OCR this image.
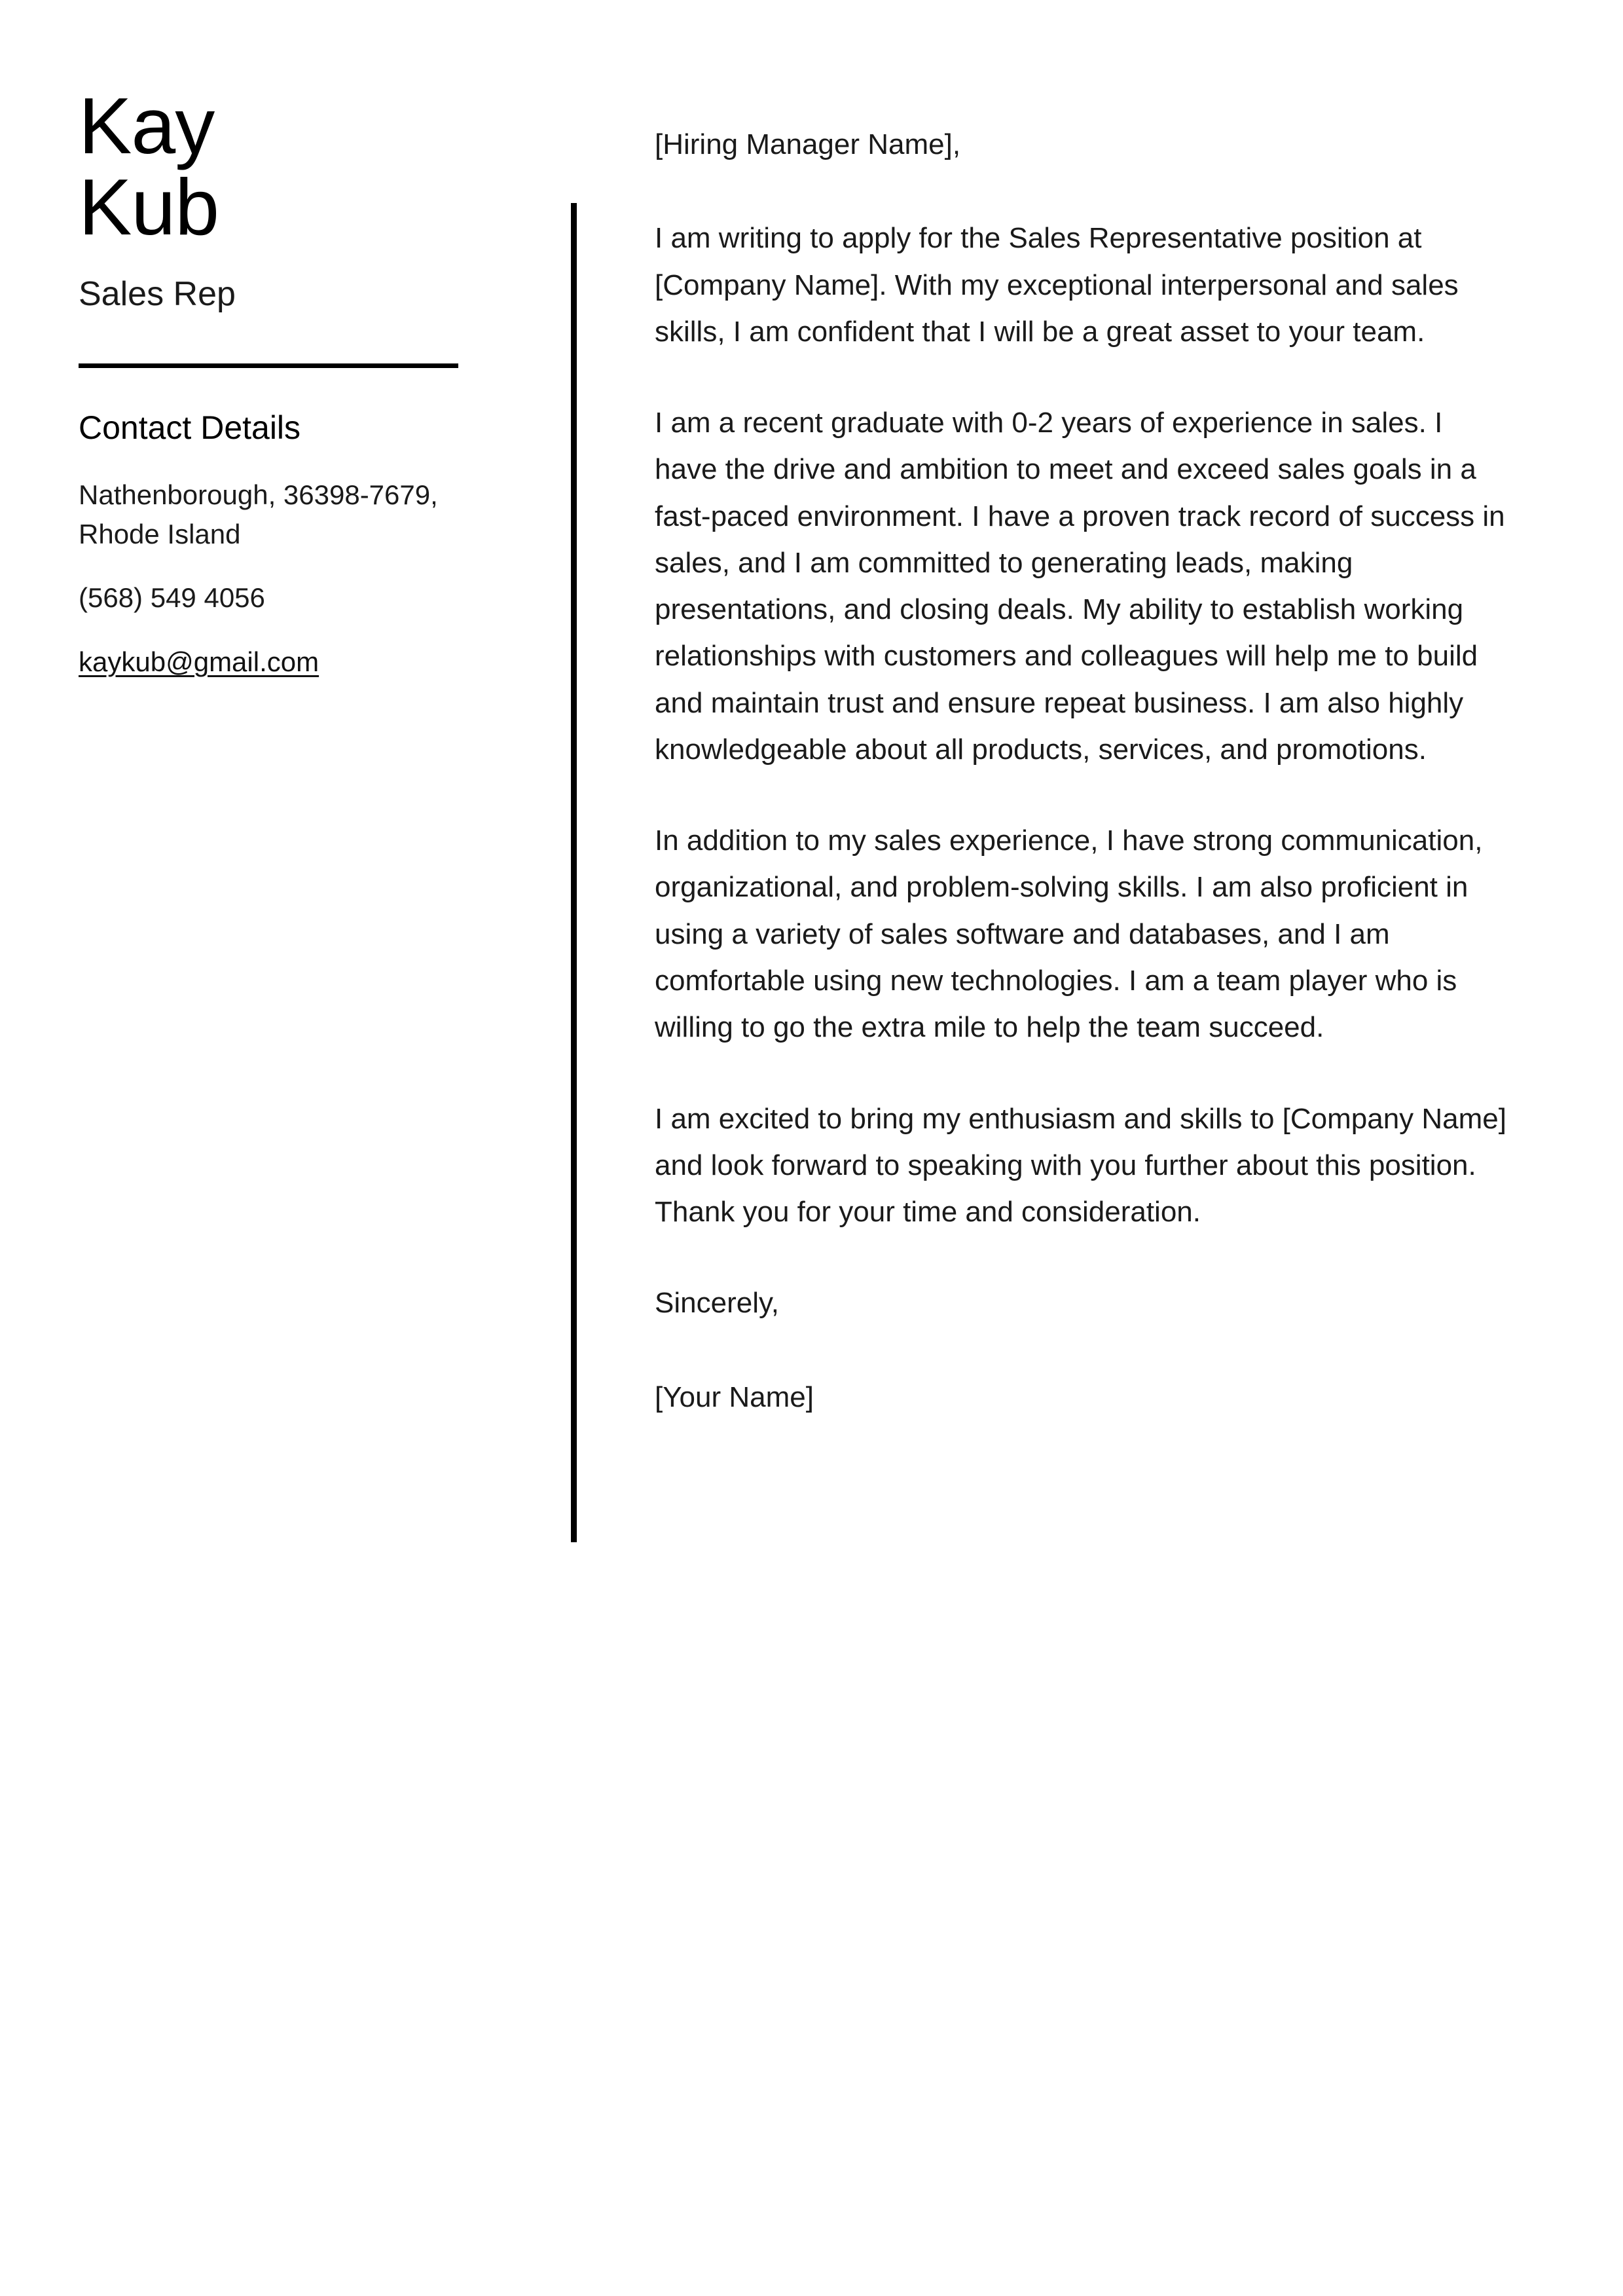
Kay
Kub
Sales Rep
Contact Details
Nathenborough, 36398-7679, Rhode Island
(568) 549 4056
kaykub@gmail.com

[Hiring Manager Name],

I am writing to apply for the Sales Representative position at [Company Name]. With my exceptional interpersonal and sales skills, I am confident that I will be a great asset to your team.

I am a recent graduate with 0-2 years of experience in sales. I have the drive and ambition to meet and exceed sales goals in a fast-paced environment. I have a proven track record of success in sales, and I am committed to generating leads, making presentations, and closing deals. My ability to establish working relationships with customers and colleagues will help me to build and maintain trust and ensure repeat business. I am also highly knowledgeable about all products, services, and promotions.

In addition to my sales experience, I have strong communication, organizational, and problem-solving skills. I am also proficient in using a variety of sales software and databases, and I am comfortable using new technologies. I am a team player who is willing to go the extra mile to help the team succeed.

I am excited to bring my enthusiasm and skills to [Company Name] and look forward to speaking with you further about this position. Thank you for your time and consideration.

Sincerely,

[Your Name]
